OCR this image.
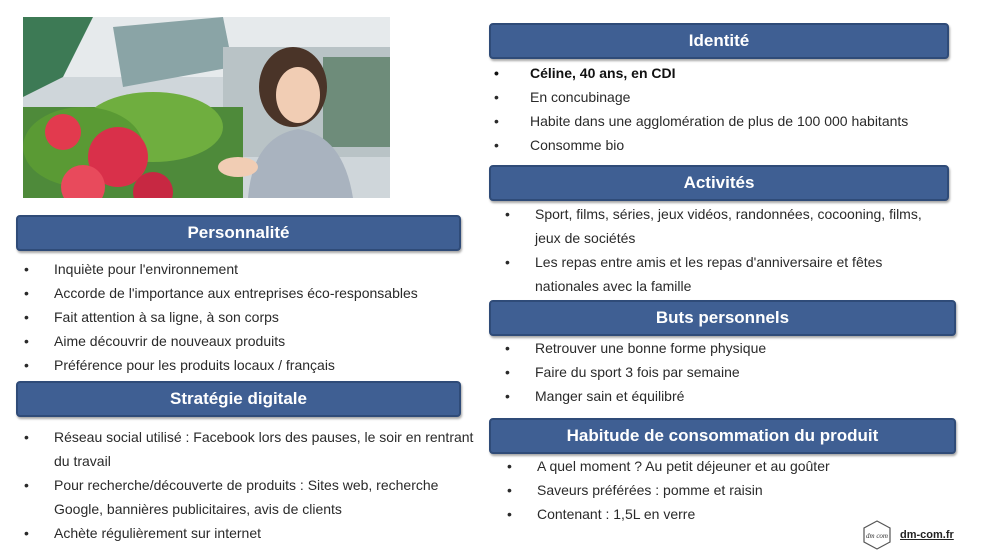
Identité
• Céline, 40 ans, en CDI
• En concubinage
• Habite dans une agglomération de plus de 100 000 habitants
• Consomme bio
Activités
• Sport, films, séries, jeux vidéos, randonnées, cocooning, films, jeux de sociétés
• Les repas entre amis et les repas d'anniversaire et fêtes nationales avec la famille
Buts personnels
• Retrouver une bonne forme physique
• Faire du sport 3 fois par semaine
• Manger sain et équilibré
Habitude de consommation du produit
• A quel moment ? Au petit déjeuner et au goûter
• Saveurs préférées : pomme et raisin
• Contenant : 1,5L en verre
Personnalité
• Inquiète pour l'environnement
• Accorde de l'importance aux entreprises éco-responsables
• Fait attention à sa ligne, à son corps
• Aime découvrir de nouveaux produits
• Préférence pour les produits locaux / français
Stratégie digitale
• Réseau social utilisé : Facebook lors des pauses, le soir en rentrant du travail
• Pour recherche/découverte de produits : Sites web, recherche Google, bannières publicitaires, avis de clients
• Achète régulièrement sur internet	dm com dm-com.fr
